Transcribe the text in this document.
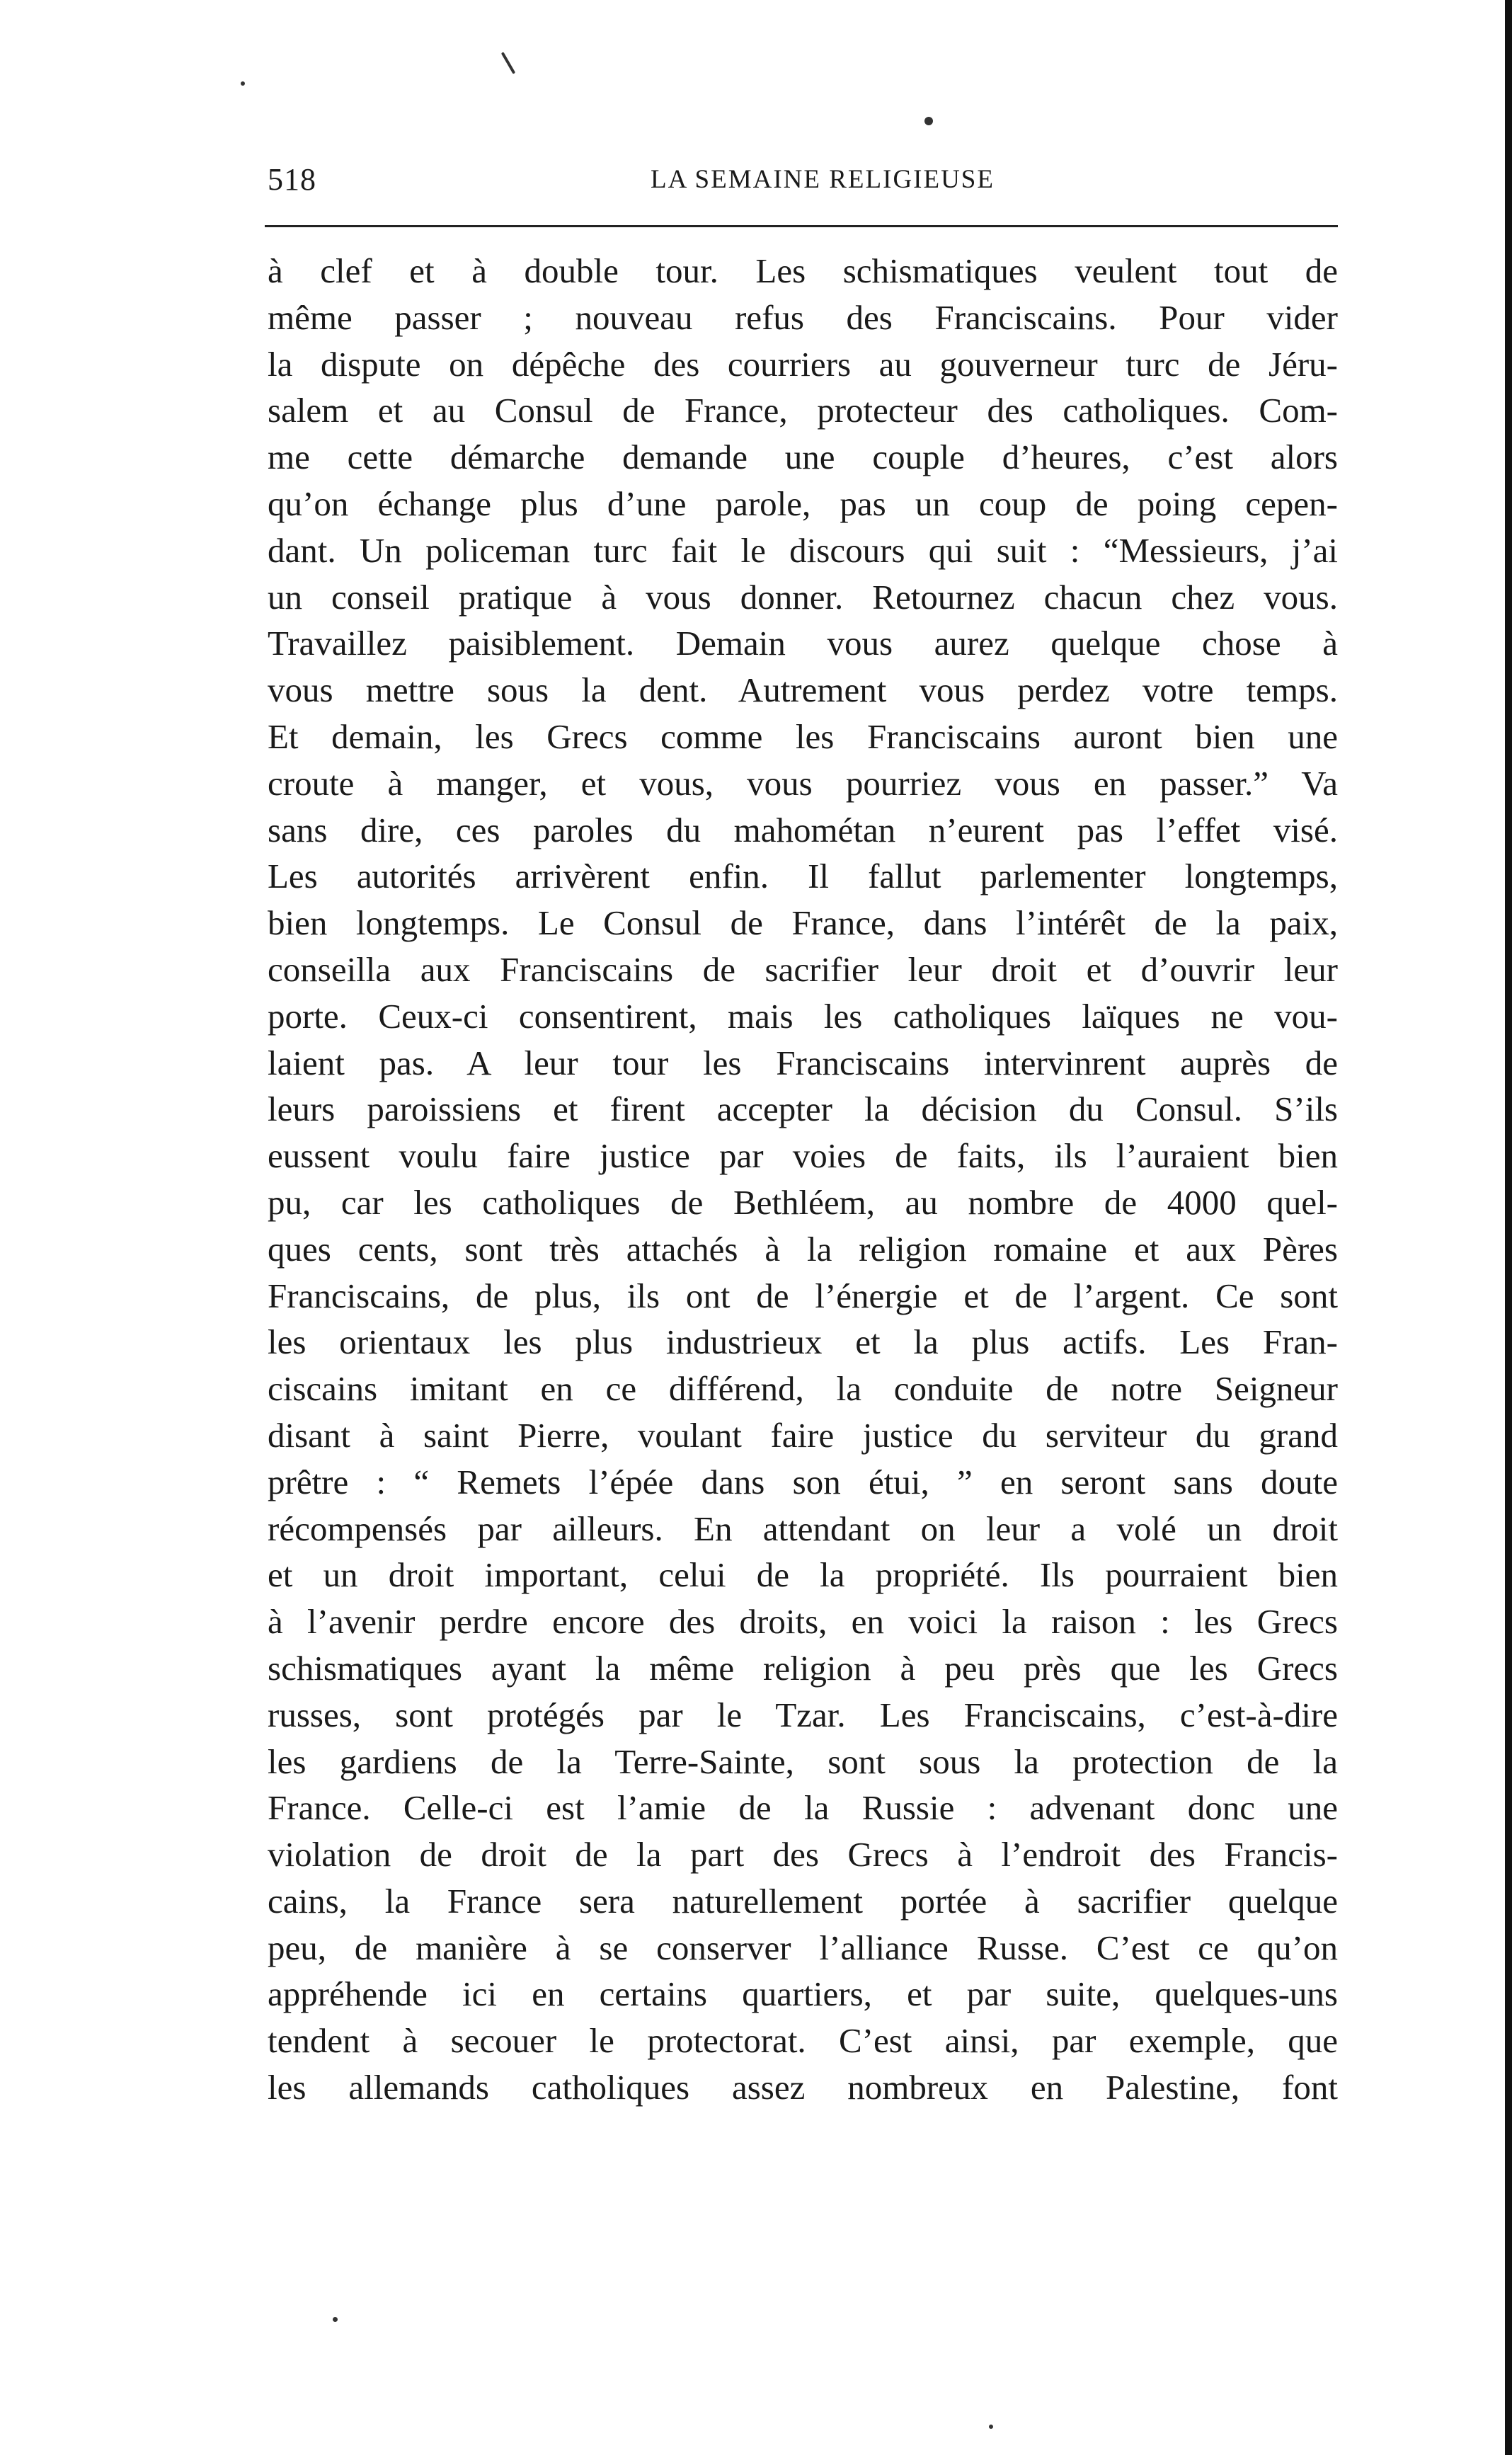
518	LA SEMAINE RELIGIEUSE
à clef et à double tour. Les schismatiques veulent tout de
même passer ; nouveau refus des Franciscains. Pour vider
la dispute on dépêche des courriers au gouverneur turc de Jéru-
salem et au Consul de France, protecteur des catholiques. Com-
me cette démarche demande une couple d’heures, c’est alors
qu’on échange plus d’une parole, pas un coup de poing cepen-
dant. Un policeman turc fait le discours qui suit : “Messieurs, j’ai
un conseil pratique à vous donner. Retournez chacun chez vous.
Travaillez paisiblement. Demain vous aurez quelque chose à
vous mettre sous la dent. Autrement vous perdez votre temps.
Et demain, les Grecs comme les Franciscains auront bien une
croute à manger, et vous, vous pourriez vous en passer.” Va
sans dire, ces paroles du mahométan n’eurent pas l’effet visé.
Les autorités arrivèrent enfin. Il fallut parlementer longtemps,
bien longtemps. Le Consul de France, dans l’intérêt de la paix,
conseilla aux Franciscains de sacrifier leur droit et d’ouvrir leur
porte. Ceux-ci consentirent, mais les catholiques laïques ne vou-
laient pas. A leur tour les Franciscains intervinrent auprès de
leurs paroissiens et firent accepter la décision du Consul. S’ils
eussent voulu faire justice par voies de faits, ils l’auraient bien
pu, car les catholiques de Bethléem, au nombre de 4000 quel-
ques cents, sont très attachés à la religion romaine et aux Pères
Franciscains, de plus, ils ont de l’énergie et de l’argent. Ce sont
les orientaux les plus industrieux et la plus actifs. Les Fran-
ciscains imitant en ce différend, la conduite de notre Seigneur
disant à saint Pierre, voulant faire justice du serviteur du grand
prêtre : “ Remets l’épée dans son étui, ” en seront sans doute
récompensés par ailleurs. En attendant on leur a volé un droit
et un droit important, celui de la propriété. Ils pourraient bien
à l’avenir perdre encore des droits, en voici la raison : les Grecs
schismatiques ayant la même religion à peu près que les Grecs
russes, sont protégés par le Tzar. Les Franciscains, c’est-à-dire
les gardiens de la Terre-Sainte, sont sous la protection de la
France. Celle-ci est l’amie de la Russie : advenant donc une
violation de droit de la part des Grecs à l’endroit des Francis-
cains, la France sera naturellement portée à sacrifier quelque
peu, de manière à se conserver l’alliance Russe. C’est ce qu’on
appréhende ici en certains quartiers, et par suite, quelques-uns
tendent à secouer le protectorat. C’est ainsi, par exemple, que
les allemands catholiques assez nombreux en Palestine, font
